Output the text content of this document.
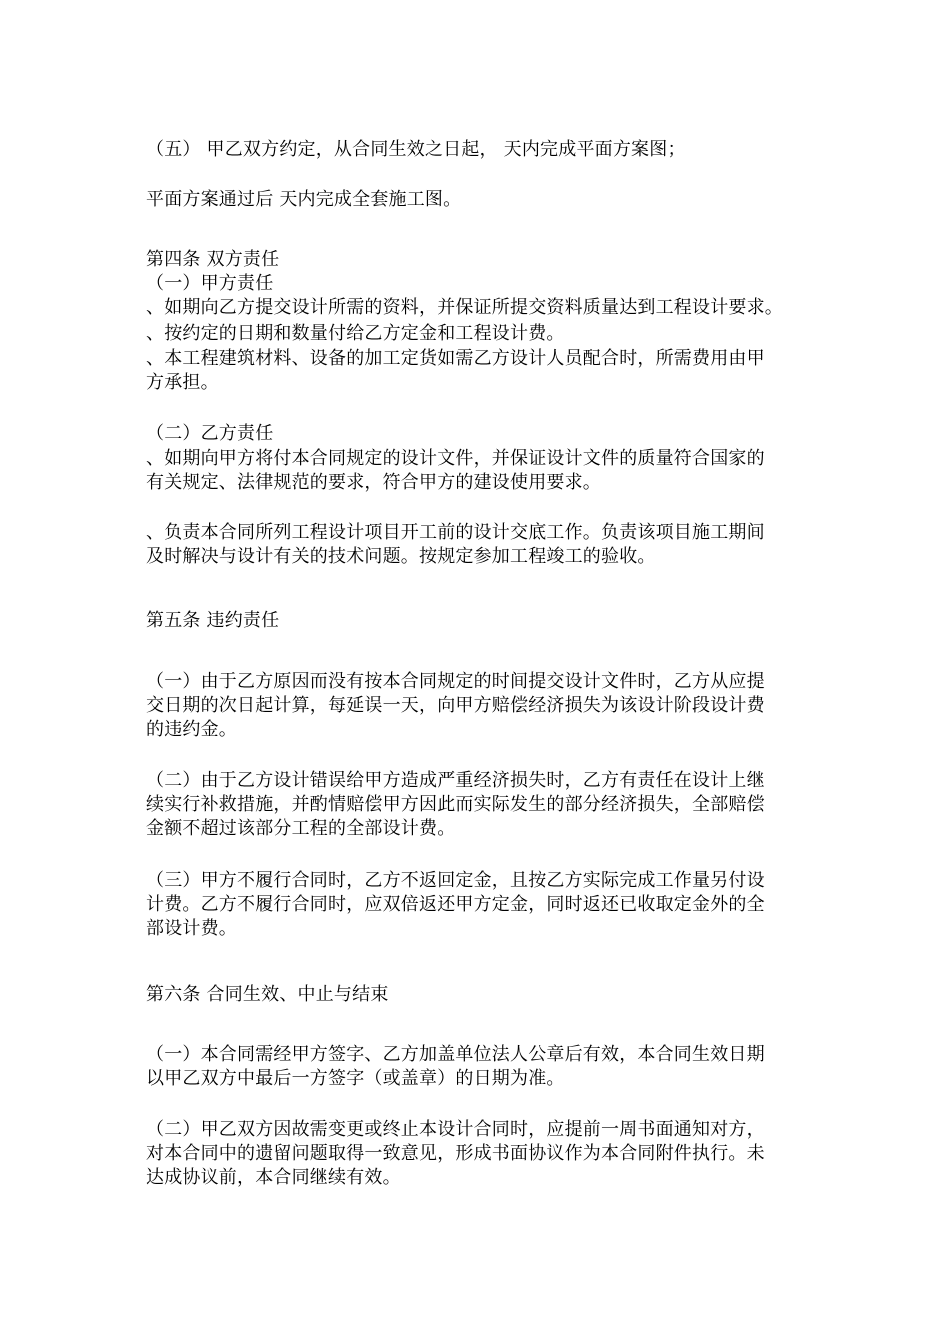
（五） 甲乙双方约定，从合同生效之日起， 天内完成平面方案图；

平面方案通过后 天内完成全套施工图。

第四条 双方责任

（一）甲方责任

、如期向乙方提交设计所需的资料，并保证所提交资料质量达到工程设计要求。

、按约定的日期和数量付给乙方定金和工程设计费。

、本工程建筑材料、设备的加工定货如需乙方设计人员配合时，所需费用由甲
方承担。

（二）乙方责任

、如期向甲方将付本合同规定的设计文件，并保证设计文件的质量符合国家的
有关规定、法律规范的要求，符合甲方的建设使用要求。

、负责本合同所列工程设计项目开工前的设计交底工作。负责该项目施工期间
及时解决与设计有关的技术问题。按规定参加工程竣工的验收。

第五条 违约责任

（一）由于乙方原因而没有按本合同规定的时间提交设计文件时，乙方从应提
交日期的次日起计算，每延误一天，向甲方赔偿经济损失为该设计阶段设计费
的违约金。

（二）由于乙方设计错误给甲方造成严重经济损失时，乙方有责任在设计上继
续实行补救措施，并酌情赔偿甲方因此而实际发生的部分经济损失，全部赔偿
金额不超过该部分工程的全部设计费。

（三）甲方不履行合同时，乙方不返回定金，且按乙方实际完成工作量另付设
计费。乙方不履行合同时，应双倍返还甲方定金，同时返还已收取定金外的全
部设计费。

第六条 合同生效、中止与结束

（一）本合同需经甲方签字、乙方加盖单位法人公章后有效，本合同生效日期
以甲乙双方中最后一方签字（或盖章）的日期为准。

（二）甲乙双方因故需变更或终止本设计合同时，应提前一周书面通知对方，
对本合同中的遗留问题取得一致意见，形成书面协议作为本合同附件执行。未
达成协议前，本合同继续有效。
